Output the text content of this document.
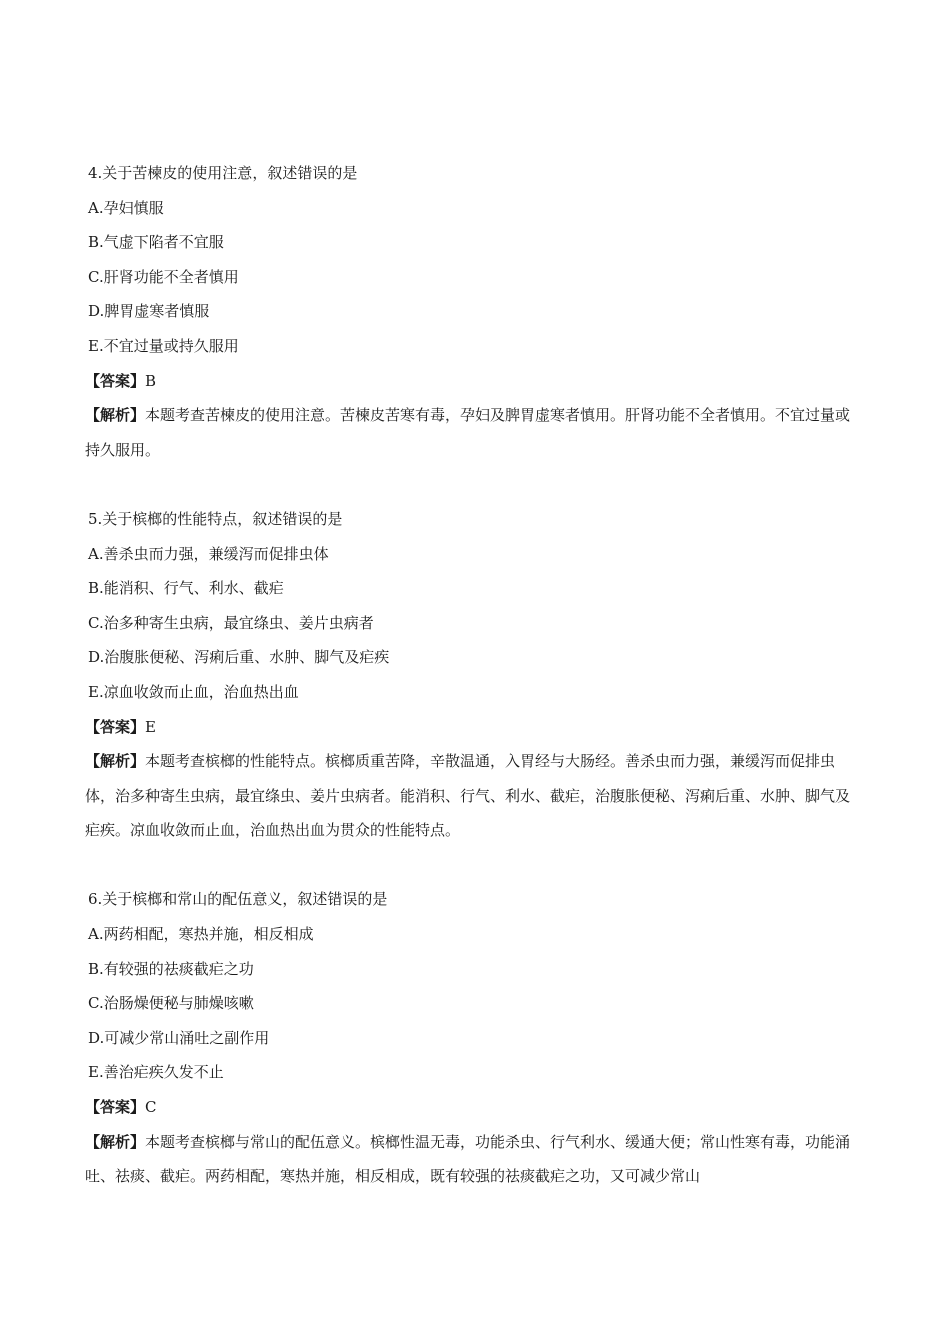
4.关于苦楝皮的使用注意，叙述错误的是
A.孕妇慎服
B.气虚下陷者不宜服
C.肝肾功能不全者慎用
D.脾胃虚寒者慎服
E.不宜过量或持久服用
【答案】B
【解析】本题考查苦楝皮的使用注意。苦楝皮苦寒有毒，孕妇及脾胃虚寒者慎用。肝肾功能不全者慎用。不宜过量或持久服用。
5.关于槟榔的性能特点，叙述错误的是
A.善杀虫而力强，兼缓泻而促排虫体
B.能消积、行气、利水、截疟
C.治多种寄生虫病，最宜绦虫、姜片虫病者
D.治腹胀便秘、泻痢后重、水肿、脚气及疟疾
E.凉血收敛而止血，治血热出血
【答案】E
【解析】本题考查槟榔的性能特点。槟榔质重苦降，辛散温通，入胃经与大肠经。善杀虫而力强，兼缓泻而促排虫体，治多种寄生虫病，最宜绦虫、姜片虫病者。能消积、行气、利水、截疟，治腹胀便秘、泻痢后重、水肿、脚气及疟疾。凉血收敛而止血，治血热出血为贯众的性能特点。
6.关于槟榔和常山的配伍意义，叙述错误的是
A.两药相配，寒热并施，相反相成
B.有较强的祛痰截疟之功
C.治肠燥便秘与肺燥咳嗽
D.可减少常山涌吐之副作用
E.善治疟疾久发不止
【答案】C
【解析】本题考查槟榔与常山的配伍意义。槟榔性温无毒，功能杀虫、行气利水、缓通大便；常山性寒有毒，功能涌吐、祛痰、截疟。两药相配，寒热并施，相反相成，既有较强的祛痰截疟之功，又可减少常山
